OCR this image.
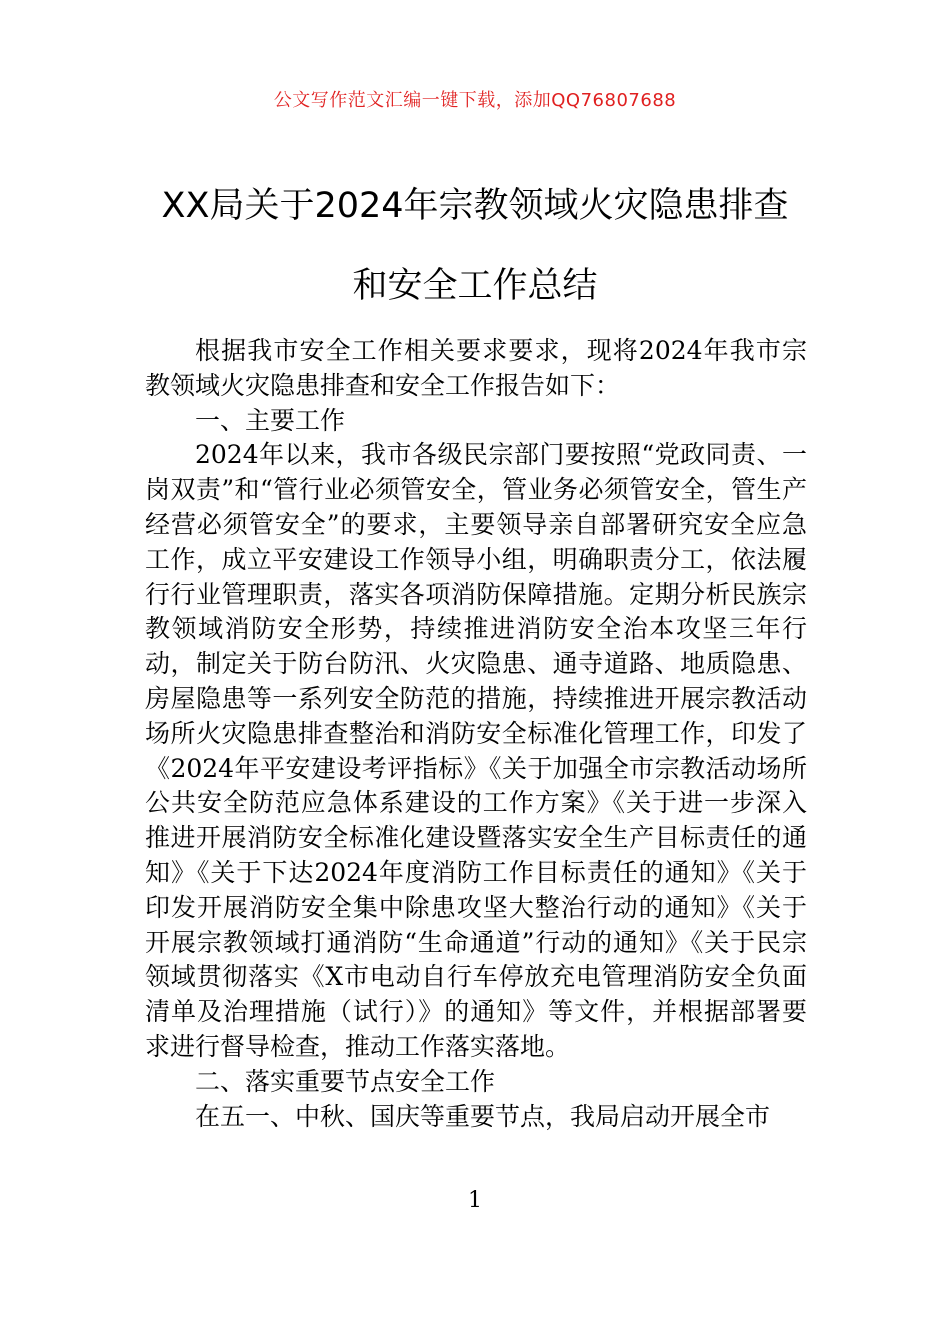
公文写作范文汇编一键下载，添加QQ76807688
XX局关于2024年宗教领域火灾隐患排查
和安全工作总结

根据我市安全工作相关要求要求，现将2024年我市宗教领域火灾隐患排查和安全工作报告如下：

一、主要工作

2024年以来，我市各级民宗部门要按照“党政同责、一岗双责”和“管行业必须管安全，管业务必须管安全，管生产经营必须管安全”的要求，主要领导亲自部署研究安全应急工作，成立平安建设工作领导小组，明确职责分工，依法履行行业管理职责，落实各项消防保障措施。定期分析民族宗教领域消防安全形势，持续推进消防安全治本攻坚三年行动，制定关于防台防汛、火灾隐患、通寺道路、地质隐患、房屋隐患等一系列安全防范的措施，持续推进开展宗教活动场所火灾隐患排查整治和消防安全标准化管理工作，印发了《2024年平安建设考评指标》《关于加强全市宗教活动场所公共安全防范应急体系建设的工作方案》《关于进一步深入推进开展消防安全标准化建设暨落实安全生产目标责任的通知》《关于下达2024年度消防工作目标责任的通知》《关于印发开展消防安全集中除患攻坚大整治行动的通知》《关于开展宗教领域打通消防“生命通道”行动的通知》《关于民宗领域贯彻落实《X市电动自行车停放充电管理消防安全负面清单及治理措施（试行）》的通知》等文件，并根据部署要求进行督导检查，推动工作落实落地。

二、落实重要节点安全工作

在五一、中秋、国庆等重要节点，我局启动开展全市

1
